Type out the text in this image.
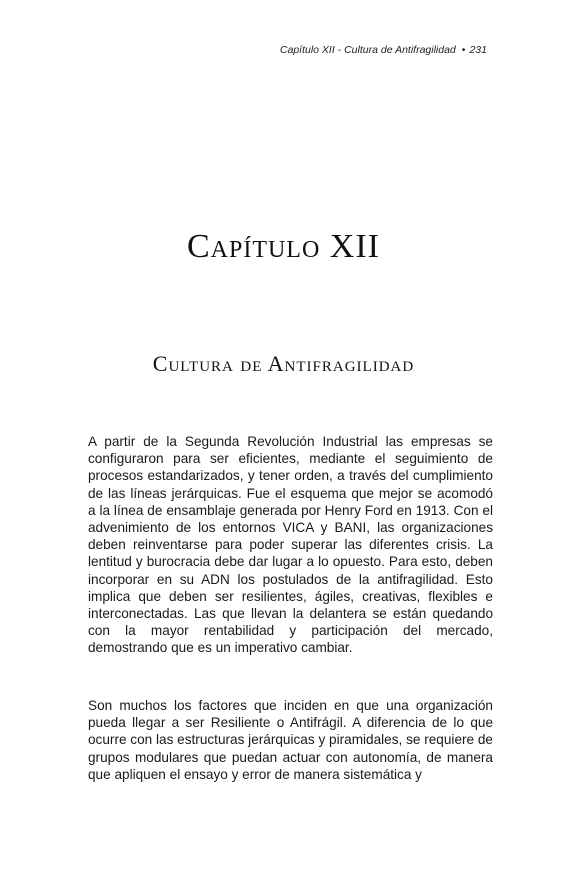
Capítulo XII - Cultura de Antifragilidad • 231
Capítulo XII
Cultura de Antifragilidad

A partir de la Segunda Revolución Industrial las empresas se configuraron para ser eficientes, mediante el seguimiento de procesos estandarizados, y tener orden, a través del cumplimiento de las líneas jerárquicas. Fue el esquema que mejor se acomodó a la línea de ensamblaje generada por Henry Ford en 1913. Con el advenimiento de los entornos VICA y BANI, las organizaciones deben reinventarse para poder superar las diferentes crisis. La lentitud y burocracia debe dar lugar a lo opuesto. Para esto, deben incorporar en su ADN los postulados de la antifragilidad. Esto implica que deben ser resilientes, ágiles, creativas, flexibles e interconectadas. Las que llevan la delantera se están quedando con la mayor rentabilidad y participación del mercado, demostrando que es un imperativo cambiar.

Son muchos los factores que inciden en que una organización pueda llegar a ser Resiliente o Antifrágil. A diferencia de lo que ocurre con las estructuras jerárquicas y piramidales, se requiere de grupos modulares que puedan actuar con autonomía, de manera que apliquen el ensayo y error de manera sistemática y
